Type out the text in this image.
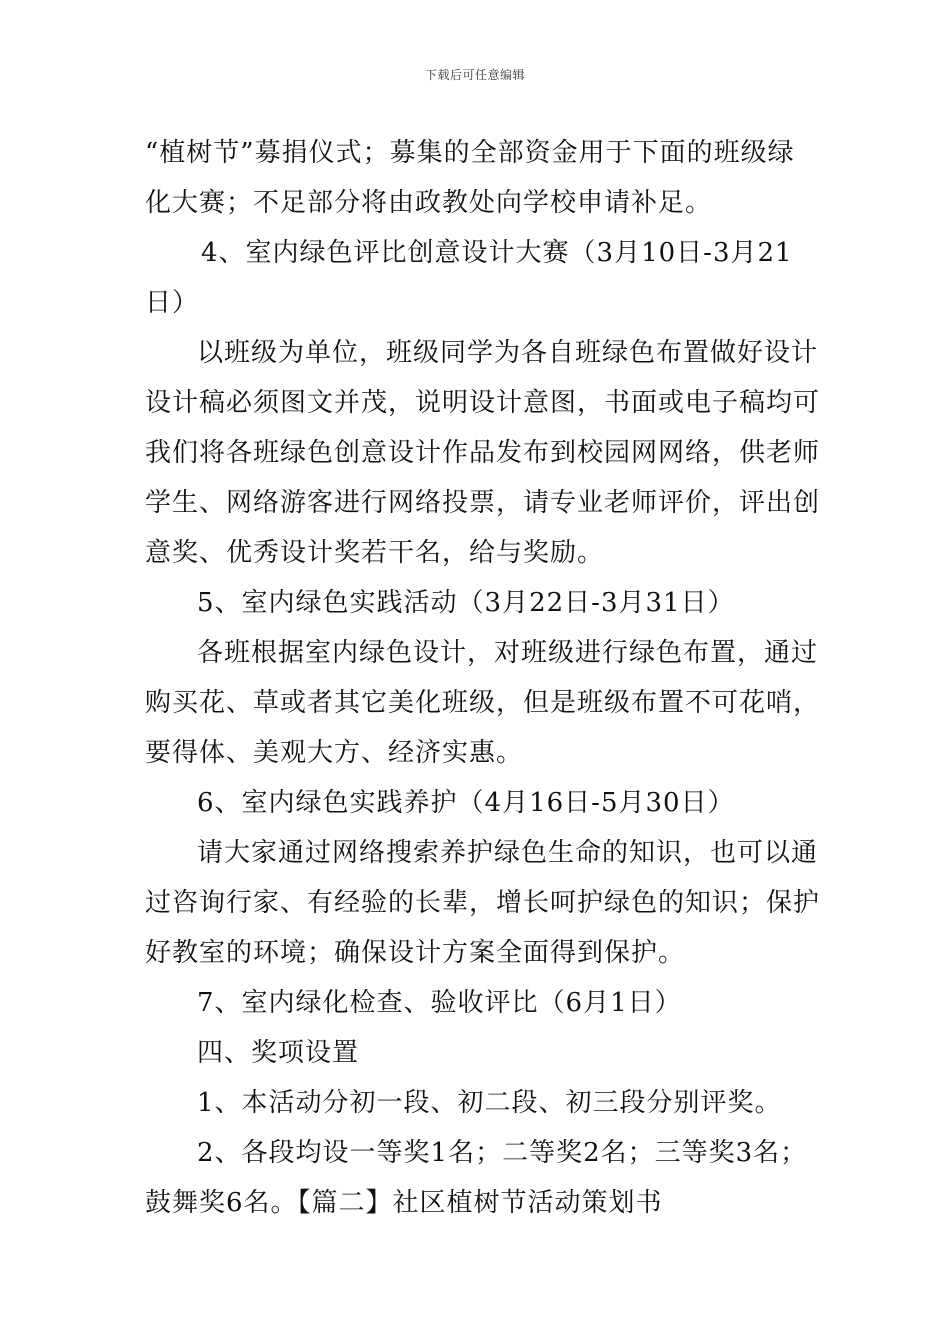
下载后可任意编辑
“植树节”募捐仪式；募集的全部资金用于下面的班级绿
化大赛；不足部分将由政教处向学校申请补足。
4、室内绿色评比创意设计大赛（3月10日-3月21
日）
以班级为单位，班级同学为各自班绿色布置做好设计
设计稿必须图文并茂，说明设计意图，书面或电子稿均可
我们将各班绿色创意设计作品发布到校园网网络，供老师
学生、网络游客进行网络投票，请专业老师评价，评出创
意奖、优秀设计奖若干名，给与奖励。
5、室内绿色实践活动（3月22日-3月31日）
各班根据室内绿色设计，对班级进行绿色布置，通过
购买花、草或者其它美化班级，但是班级布置不可花哨，
要得体、美观大方、经济实惠。
6、室内绿色实践养护（4月16日-5月30日）
请大家通过网络搜索养护绿色生命的知识，也可以通
过咨询行家、有经验的长辈，增长呵护绿色的知识；保护
好教室的环境；确保设计方案全面得到保护。
7、室内绿化检查、验收评比（6月1日）
四、奖项设置
1、本活动分初一段、初二段、初三段分别评奖。
2、各段均设一等奖1名；二等奖2名；三等奖3名；
鼓舞奖6名。【篇二】社区植树节活动策划书
